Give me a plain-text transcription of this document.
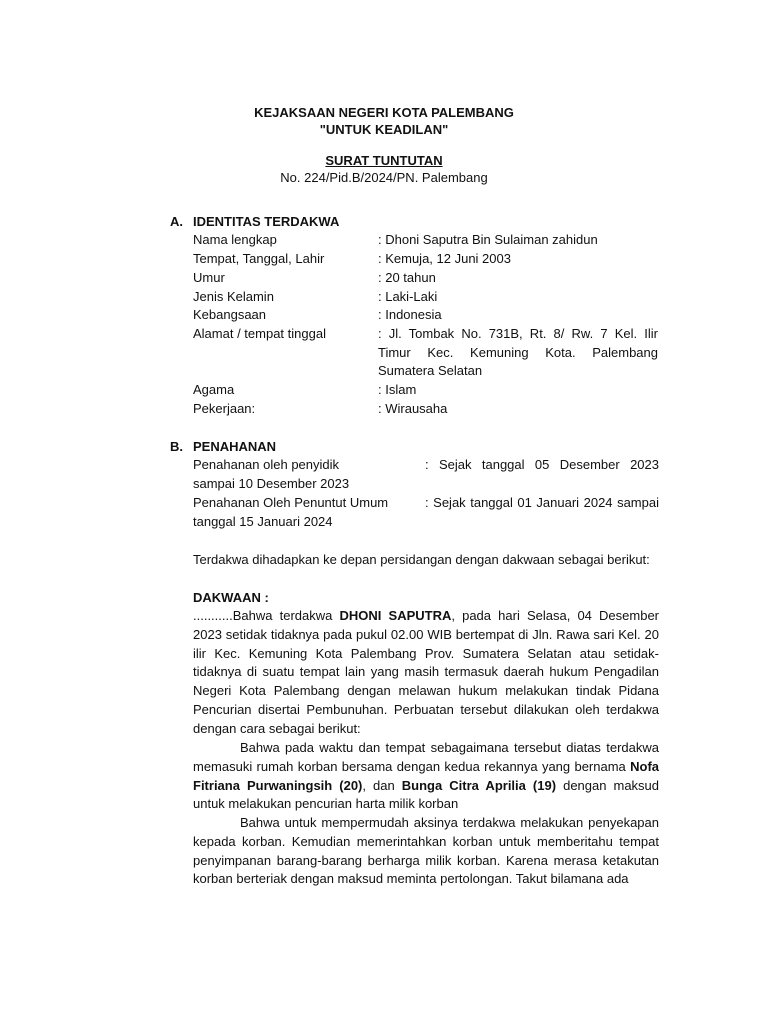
KEJAKSAAN NEGERI KOTA PALEMBANG
"UNTUK KEADILAN"
SURAT TUNTUTAN
No. 224/Pid.B/2024/PN. Palembang
A. IDENTITAS TERDAKWA
Nama lengkap	: Dhoni Saputra Bin Sulaiman zahidun
Tempat, Tanggal, Lahir	: Kemuja, 12 Juni 2003
Umur	: 20 tahun
Jenis Kelamin	: Laki-Laki
Kebangsaan	: Indonesia
Alamat / tempat tinggal	: Jl. Tombak No. 731B, Rt. 8/ Rw. 7 Kel. Ilir Timur Kec. Kemuning Kota. Palembang Sumatera Selatan
Agama	: Islam
Pekerjaan:	: Wirausaha
B. PENAHANAN
Penahanan oleh penyidik	: Sejak tanggal 05 Desember 2023
sampai 10 Desember 2023
Penahanan Oleh Penuntut Umum	: Sejak tanggal 01 Januari 2024 sampai
tanggal 15 Januari 2024
Terdakwa dihadapkan ke depan persidangan dengan dakwaan sebagai berikut:
DAKWAAN :
...........Bahwa terdakwa DHONI SAPUTRA, pada hari Selasa, 04 Desember 2023 setidak tidaknya pada pukul 02.00 WIB bertempat di Jln. Rawa sari Kel. 20 ilir Kec. Kemuning Kota Palembang Prov. Sumatera Selatan atau setidak-tidaknya di suatu tempat lain yang masih termasuk daerah hukum Pengadilan Negeri Kota Palembang dengan melawan hukum melakukan tindak Pidana Pencurian disertai Pembunuhan. Perbuatan tersebut dilakukan oleh terdakwa dengan cara sebagai berikut:
Bahwa pada waktu dan tempat sebagaimana tersebut diatas terdakwa memasuki rumah korban bersama dengan kedua rekannya yang bernama Nofa Fitriana Purwaningsih (20), dan Bunga Citra Aprilia (19) dengan maksud untuk melakukan pencurian harta milik korban
Bahwa untuk mempermudah aksinya terdakwa melakukan penyekapan kepada korban. Kemudian memerintahkan korban untuk memberitahu tempat penyimpanan barang-barang berharga milik korban. Karena merasa ketakutan korban berteriak dengan maksud meminta pertolongan. Takut bilamana ada
